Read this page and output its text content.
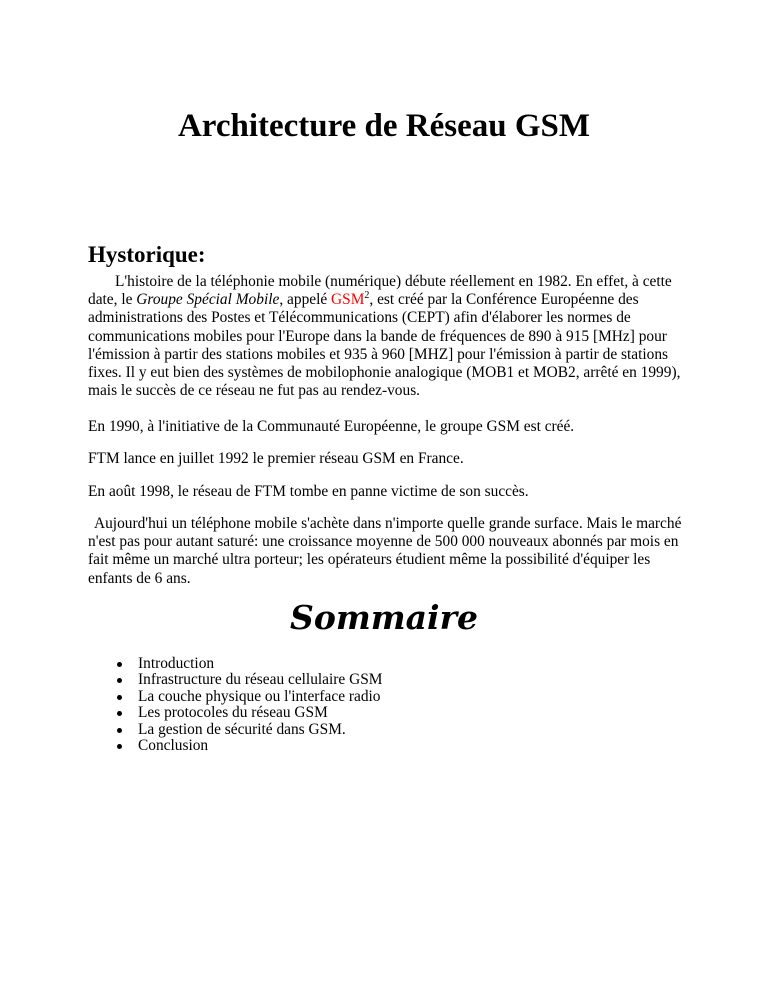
Architecture de Réseau GSM
Hystorique:

L'histoire de la téléphonie mobile (numérique) débute réellement en 1982. En effet, à cette date, le Groupe Spécial Mobile, appelé GSM$^2$, est créé par la Conférence Européenne des administrations des Postes et Télécommunications (CEPT) afin d'élaborer les normes de communications mobiles pour l'Europe dans la bande de fréquences de 890 à 915 [MHz] pour l'émission à partir des stations mobiles et 935 à 960 [MHZ] pour l'émission à partir de stations fixes. Il y eut bien des systèmes de mobilophonie analogique (MOB1 et MOB2, arrêté en 1999), mais le succès de ce réseau ne fut pas au rendez-vous.

En 1990, à l'initiative de la Communauté Européenne, le groupe GSM est créé.

FTM lance en juillet 1992 le premier réseau GSM en France.

En août 1998, le réseau de FTM tombe en panne victime de son succès.

Aujourd'hui un téléphone mobile s'achète dans n'importe quelle grande surface. Mais le marché n'est pas pour autant saturé: une croissance moyenne de 500 000 nouveaux abonnés par mois en fait même un marché ultra porteur; les opérateurs étudient même la possibilité d'équiper les enfants de 6 ans.

Sommaire
Introduction
Infrastructure du réseau cellulaire GSM
La couche physique ou l'interface radio
Les protocoles du réseau GSM
La gestion de sécurité dans GSM.
Conclusion
